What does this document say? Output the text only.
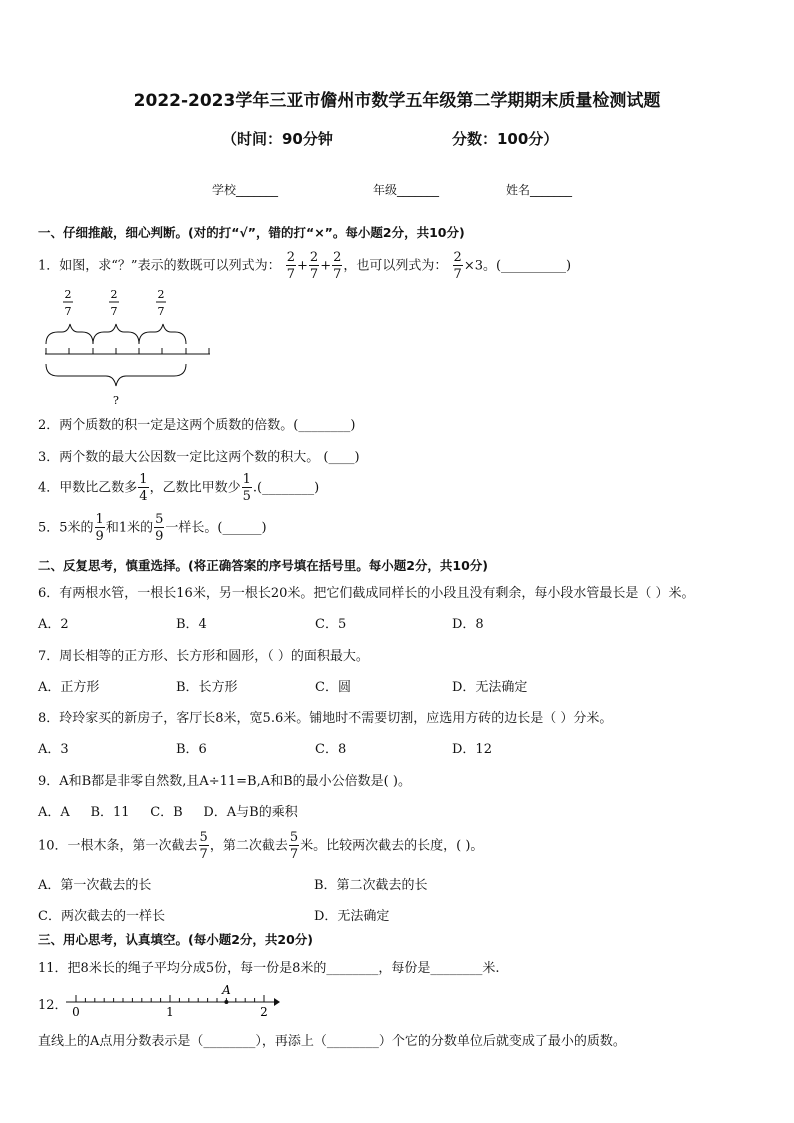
2022-2023学年三亚市儋州市数学五年级第二学期期末质量检测试题
（时间：90分钟	分数：100分）
学校_______	年级_______	姓名_______
一、仔细推敲，细心判断。(对的打“√”，错的打“×”。每小题2分，共10分)
1．如图，求“？”表示的数既可以列式为： $\frac{2}{7} + \frac{2}{7} + \frac{2}{7}$ ，也可以列式为： $\frac{2}{7} \times 3$。(__________)
2
7
2
7
2
7
?
2．两个质数的积一定是这两个质数的倍数。(________)
3．两个数的最大公因数一定比这两个数的积大。 (____)
4．甲数比乙数多 $\frac{1}{4}$ ，乙数比甲数少 $\frac{1}{5}$ .(________)
5．5米的 $\frac{1}{9}$ 和1米的 $\frac{5}{9}$ 一样长。(______)
二、反复思考，慎重选择。(将正确答案的序号填在括号里。每小题2分，共10分)
6．有两根水管，一根长16米，另一根长20米。把它们截成同样长的小段且没有剩余，每小段水管最长是（ ）米。
A．2	B．4	C．5	D．8
7．周长相等的正方形、长方形和圆形，（ ）的面积最大。
A．正方形	B．长方形	C．圆	D．无法确定
8．玲玲家买的新房子，客厅长8米，宽5.6米。铺地时不需要切割，应选用方砖的边长是（ ）分米。
A．3	B．6	C．8	D．12
9．A和B都是非零自然数,且A÷11=B,A和B的最小公倍数是( )。
A．A     B．11     C．B     D．A与B的乘积
10．一根木条，第一次截去 $\frac{5}{7}$ ，第二次截去 $\frac{5}{7}$ 米。比较两次截去的长度，( )。
A．第一次截去的长	B．第二次截去的长
C．两次截去的一样长	D．无法确定
三、用心思考，认真填空。(每小题2分，共20分)
11．把8米长的绳子平均分成5份，每一份是8米的________，每份是________米.
12． 0	1	2
A
直线上的A点用分数表示是（________），再添上（________）个它的分数单位后就变成了最小的质数。
